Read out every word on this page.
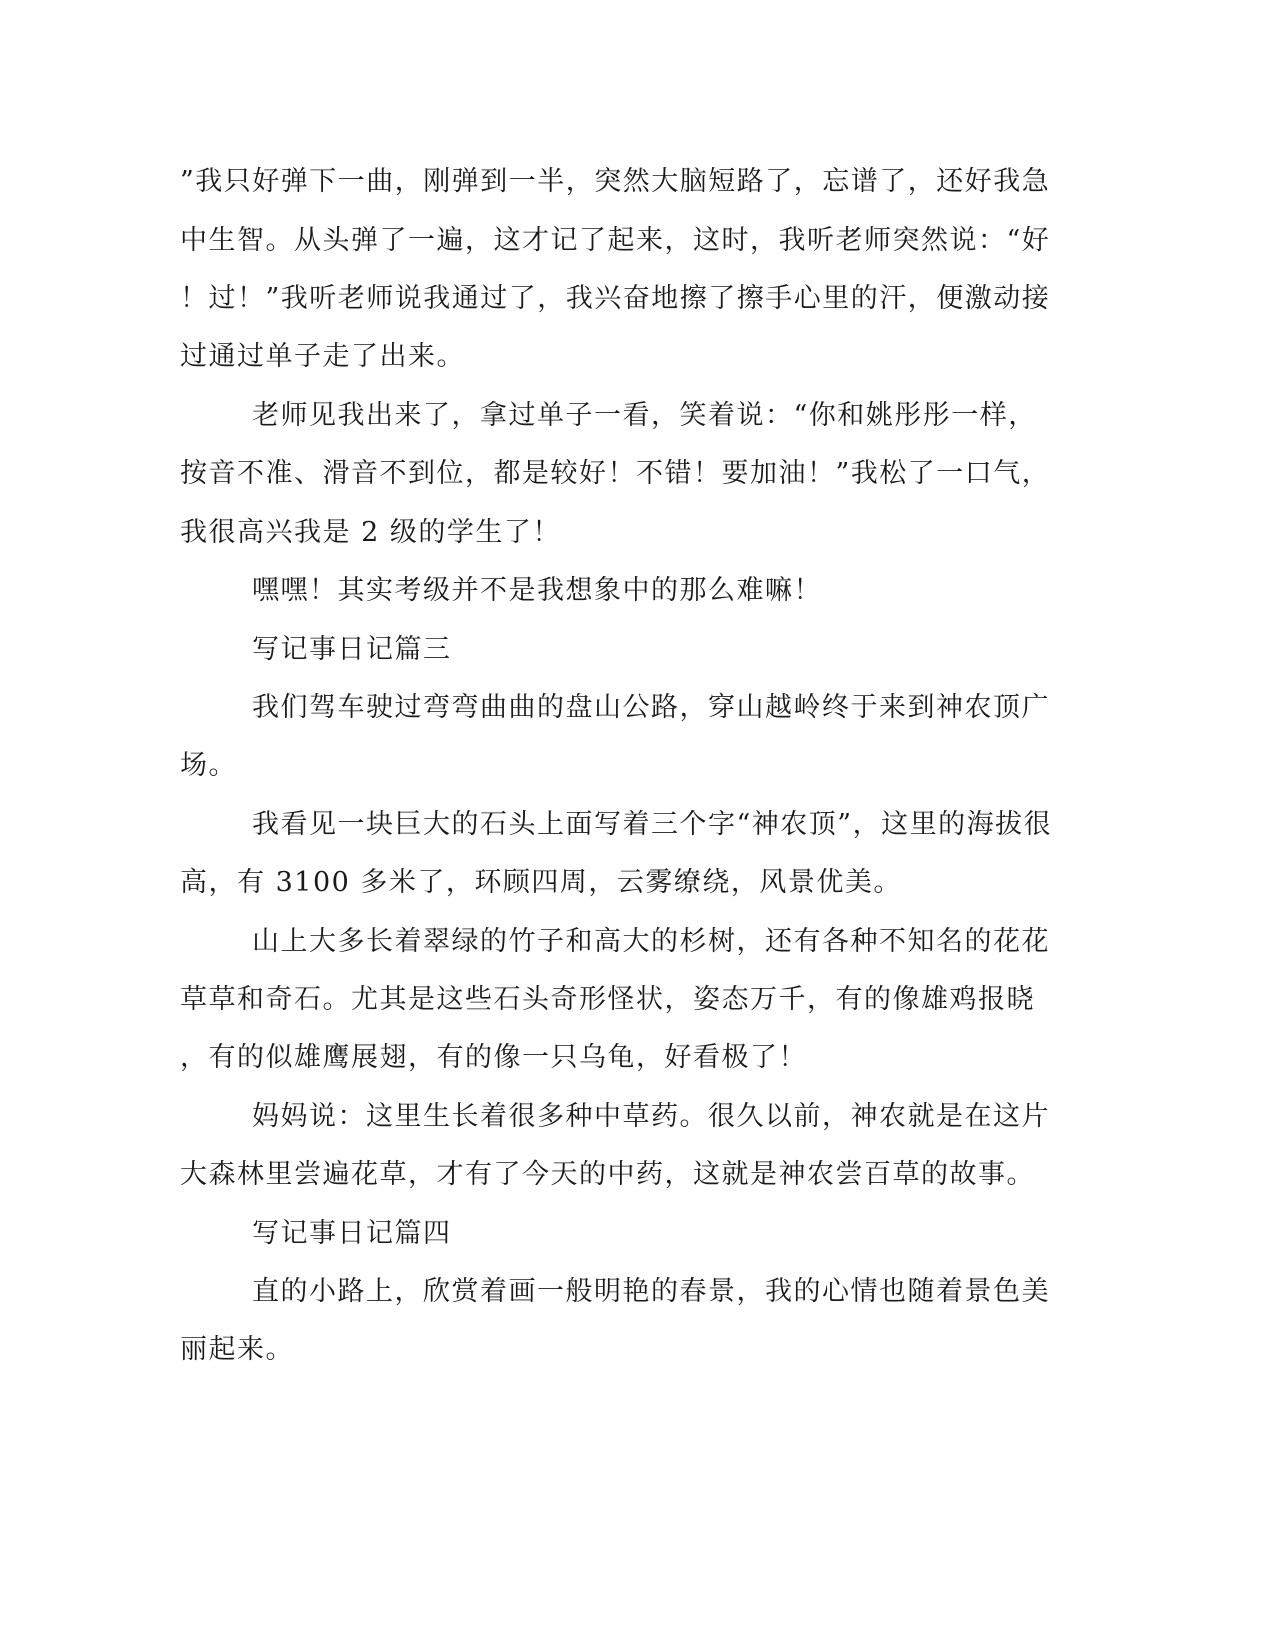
”我只好弹下一曲，刚弹到一半，突然大脑短路了，忘谱了，还好我急
中生智。从头弹了一遍，这才记了起来，这时，我听老师突然说：“好
！过！”我听老师说我通过了，我兴奋地擦了擦手心里的汗，便激动接
过通过单子走了出来。
老师见我出来了，拿过单子一看，笑着说：“你和姚彤彤一样，
按音不准、滑音不到位，都是较好！不错！要加油！”我松了一口气，
我很高兴我是 2 级的学生了！
嘿嘿！其实考级并不是我想象中的那么难嘛！
写记事日记篇三
我们驾车驶过弯弯曲曲的盘山公路，穿山越岭终于来到神农顶广
场。
我看见一块巨大的石头上面写着三个字“神农顶”，这里的海拔很
高，有 3100 多米了，环顾四周，云雾缭绕，风景优美。
山上大多长着翠绿的竹子和高大的杉树，还有各种不知名的花花
草草和奇石。尤其是这些石头奇形怪状，姿态万千，有的像雄鸡报晓
，有的似雄鹰展翅，有的像一只乌龟，好看极了！
妈妈说：这里生长着很多种中草药。很久以前，神农就是在这片
大森林里尝遍花草，才有了今天的中药，这就是神农尝百草的故事。
写记事日记篇四
直的小路上，欣赏着画一般明艳的春景，我的心情也随着景色美
丽起来。
